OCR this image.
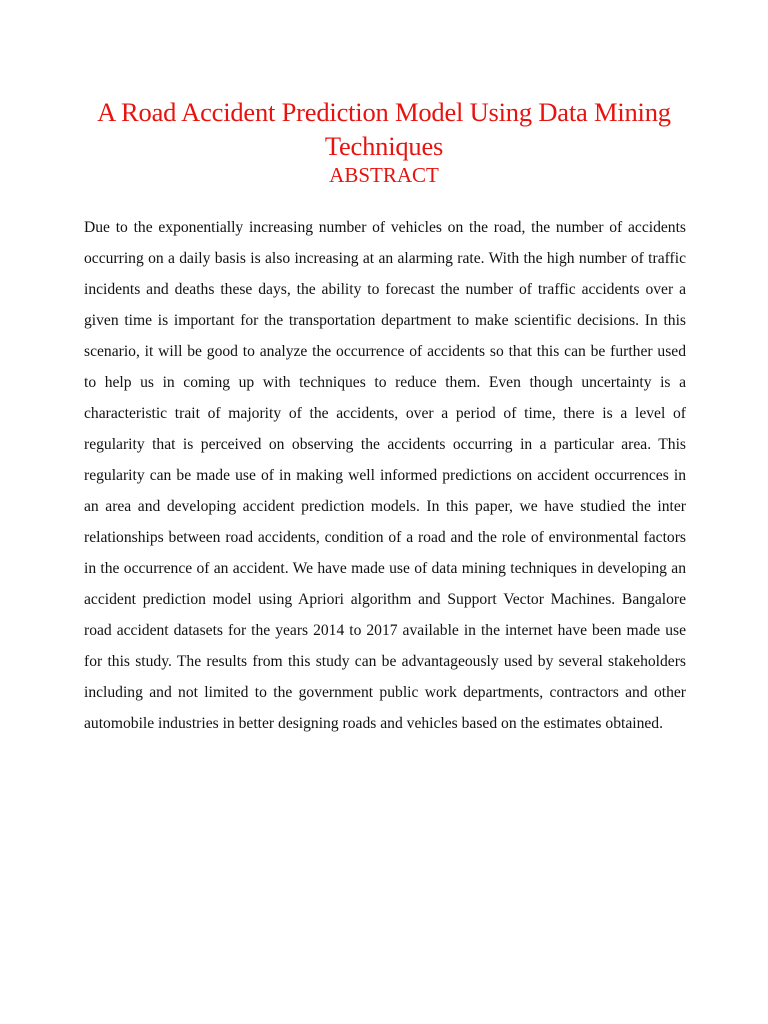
A Road Accident Prediction Model Using Data Mining Techniques
ABSTRACT

Due to the exponentially increasing number of vehicles on the road, the number of accidents occurring on a daily basis is also increasing at an alarming rate. With the high number of traffic incidents and deaths these days, the ability to forecast the number of traffic accidents over a given time is important for the transportation department to make scientific decisions. In this scenario, it will be good to analyze the occurrence of accidents so that this can be further used to help us in coming up with techniques to reduce them. Even though uncertainty is a characteristic trait of majority of the accidents, over a period of time, there is a level of regularity that is perceived on observing the accidents occurring in a particular area. This regularity can be made use of in making well informed predictions on accident occurrences in an area and developing accident prediction models. In this paper, we have studied the inter relationships between road accidents, condition of a road and the role of environmental factors in the occurrence of an accident. We have made use of data mining techniques in developing an accident prediction model using Apriori algorithm and Support Vector Machines. Bangalore road accident datasets for the years 2014 to 2017 available in the internet have been made use for this study. The results from this study can be advantageously used by several stakeholders including and not limited to the government public work departments, contractors and other automobile industries in better designing roads and vehicles based on the estimates obtained.
